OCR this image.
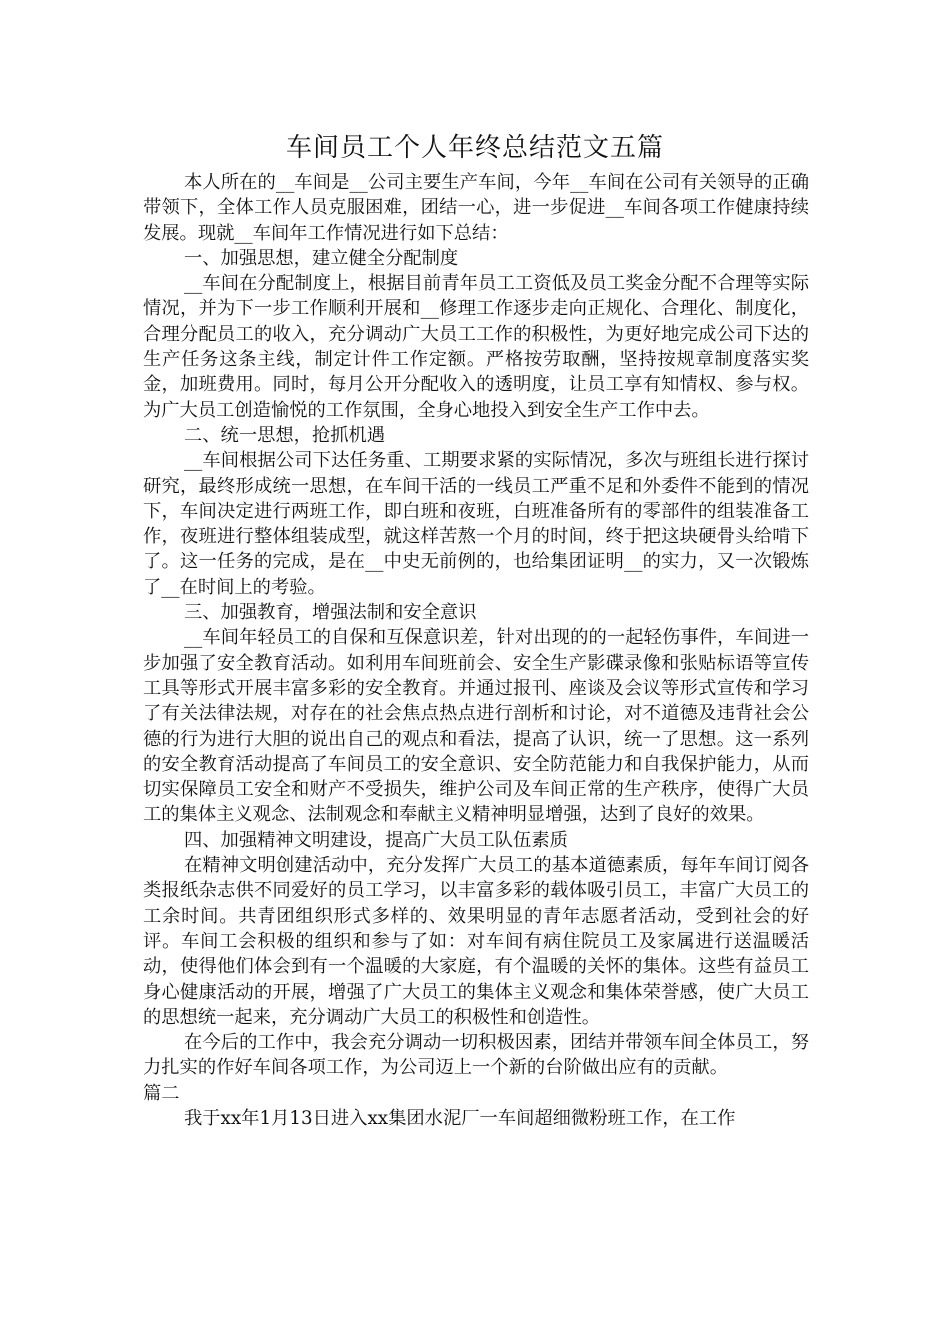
车间员工个人年终总结范文五篇

本人所在的__车间是__公司主要生产车间，今年__车间在公司有关领导的正确带领下，全体工作人员克服困难，团结一心，进一步促进__车间各项工作健康持续发展。现就__车间年工作情况进行如下总结：

一、加强思想，建立健全分配制度

__车间在分配制度上，根据目前青年员工工资低及员工奖金分配不合理等实际情况，并为下一步工作顺利开展和__修理工作逐步走向正规化、合理化、制度化，合理分配员工的收入，充分调动广大员工工作的积极性，为更好地完成公司下达的生产任务这条主线，制定计件工作定额。严格按劳取酬，坚持按规章制度落实奖金，加班费用。同时，每月公开分配收入的透明度，让员工享有知情权、参与权。为广大员工创造愉悦的工作氛围，全身心地投入到安全生产工作中去。

二、统一思想，抢抓机遇

__车间根据公司下达任务重、工期要求紧的实际情况，多次与班组长进行探讨研究，最终形成统一思想，在车间干活的一线员工严重不足和外委件不能到的情况下，车间决定进行两班工作，即白班和夜班，白班准备所有的零部件的组装准备工作，夜班进行整体组装成型，就这样苦熬一个月的时间，终于把这块硬骨头给啃下了。这一任务的完成，是在__中史无前例的，也给集团证明__的实力，又一次锻炼了__在时间上的考验。

三、加强教育，增强法制和安全意识

__车间年轻员工的自保和互保意识差，针对出现的的一起轻伤事件，车间进一步加强了安全教育活动。如利用车间班前会、安全生产影碟录像和张贴标语等宣传工具等形式开展丰富多彩的安全教育。并通过报刊、座谈及会议等形式宣传和学习了有关法律法规，对存在的社会焦点热点进行剖析和讨论，对不道德及违背社会公德的行为进行大胆的说出自己的观点和看法，提高了认识，统一了思想。这一系列的安全教育活动提高了车间员工的安全意识、安全防范能力和自我保护能力，从而切实保障员工安全和财产不受损失，维护公司及车间正常的生产秩序，使得广大员工的集体主义观念、法制观念和奉献主义精神明显增强，达到了良好的效果。

四、加强精神文明建设，提高广大员工队伍素质

在精神文明创建活动中，充分发挥广大员工的基本道德素质，每年车间订阅各类报纸杂志供不同爱好的员工学习，以丰富多彩的载体吸引员工，丰富广大员工的工余时间。共青团组织形式多样的、效果明显的青年志愿者活动，受到社会的好评。车间工会积极的组织和参与了如：对车间有病住院员工及家属进行送温暖活动，使得他们体会到有一个温暖的大家庭，有个温暖的关怀的集体。这些有益员工身心健康活动的开展，增强了广大员工的集体主义观念和集体荣誉感，使广大员工的思想统一起来，充分调动广大员工的积极性和创造性。

在今后的工作中，我会充分调动一切积极因素，团结并带领车间全体员工，努力扎实的作好车间各项工作，为公司迈上一个新的台阶做出应有的贡献。

篇二

我于xx年1月13日进入xx集团水泥厂一车间超细微粉班工作，在工作
